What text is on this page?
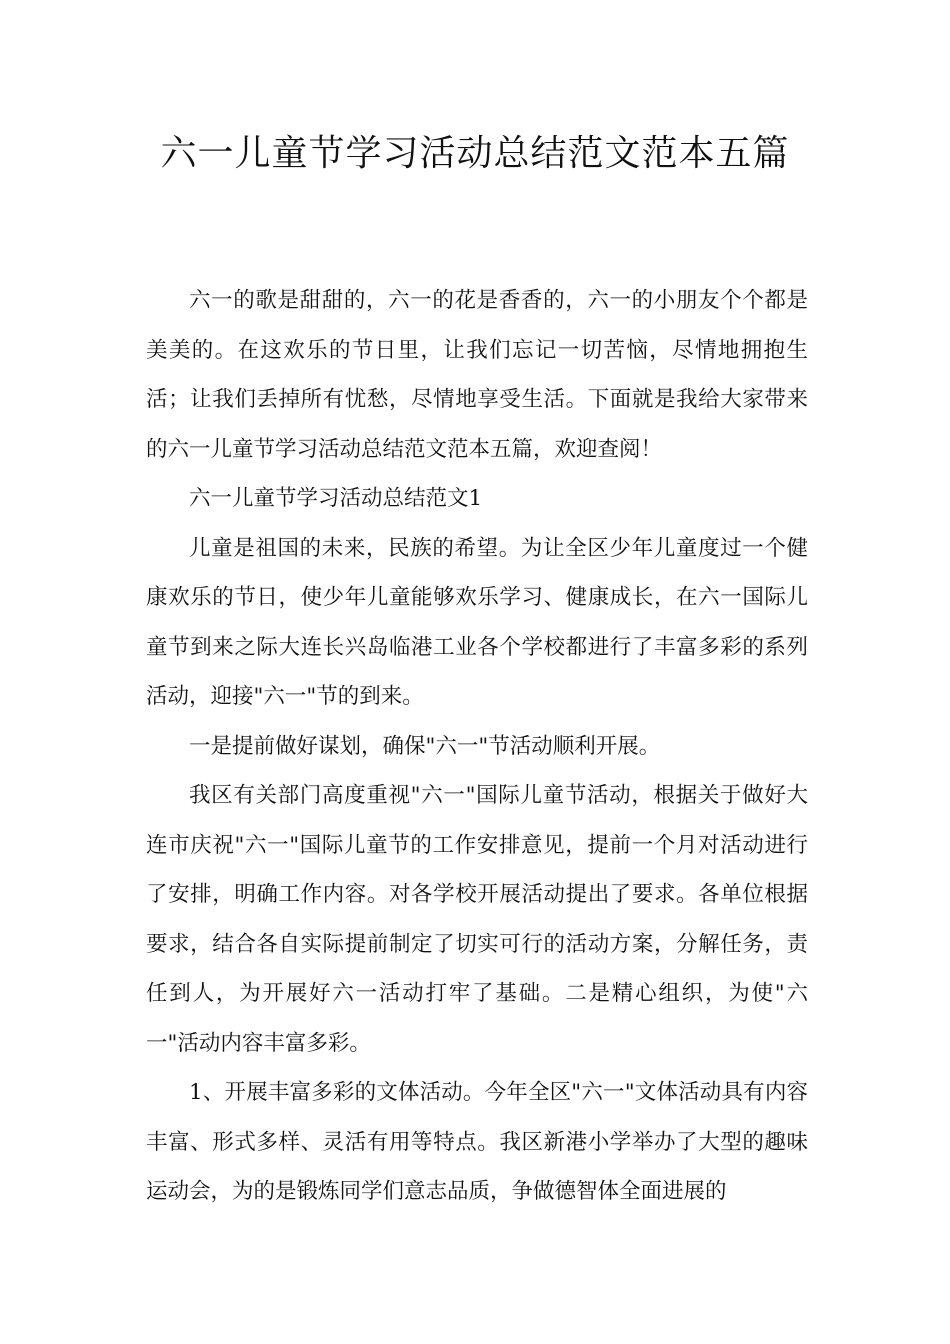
六一儿童节学习活动总结范文范本五篇

六一的歌是甜甜的，六一的花是香香的，六一的小朋友个个都是美美的。在这欢乐的节日里，让我们忘记一切苦恼，尽情地拥抱生活；让我们丢掉所有忧愁，尽情地享受生活。下面就是我给大家带来的六一儿童节学习活动总结范文范本五篇，欢迎查阅！

六一儿童节学习活动总结范文1

儿童是祖国的未来，民族的希望。为让全区少年儿童度过一个健康欢乐的节日，使少年儿童能够欢乐学习、健康成长，在六一国际儿童节到来之际大连长兴岛临港工业各个学校都进行了丰富多彩的系列活动，迎接"六一"节的到来。

一是提前做好谋划，确保"六一"节活动顺利开展。

我区有关部门高度重视"六一"国际儿童节活动，根据关于做好大连市庆祝"六一"国际儿童节的工作安排意见，提前一个月对活动进行了安排，明确工作内容。对各学校开展活动提出了要求。各单位根据要求，结合各自实际提前制定了切实可行的活动方案，分解任务，责任到人，为开展好六一活动打牢了基础。二是精心组织，为使"六一"活动内容丰富多彩。

1、开展丰富多彩的文体活动。今年全区"六一"文体活动具有内容丰富、形式多样、灵活有用等特点。我区新港小学举办了大型的趣味运动会，为的是锻炼同学们意志品质，争做德智体全面进展的
